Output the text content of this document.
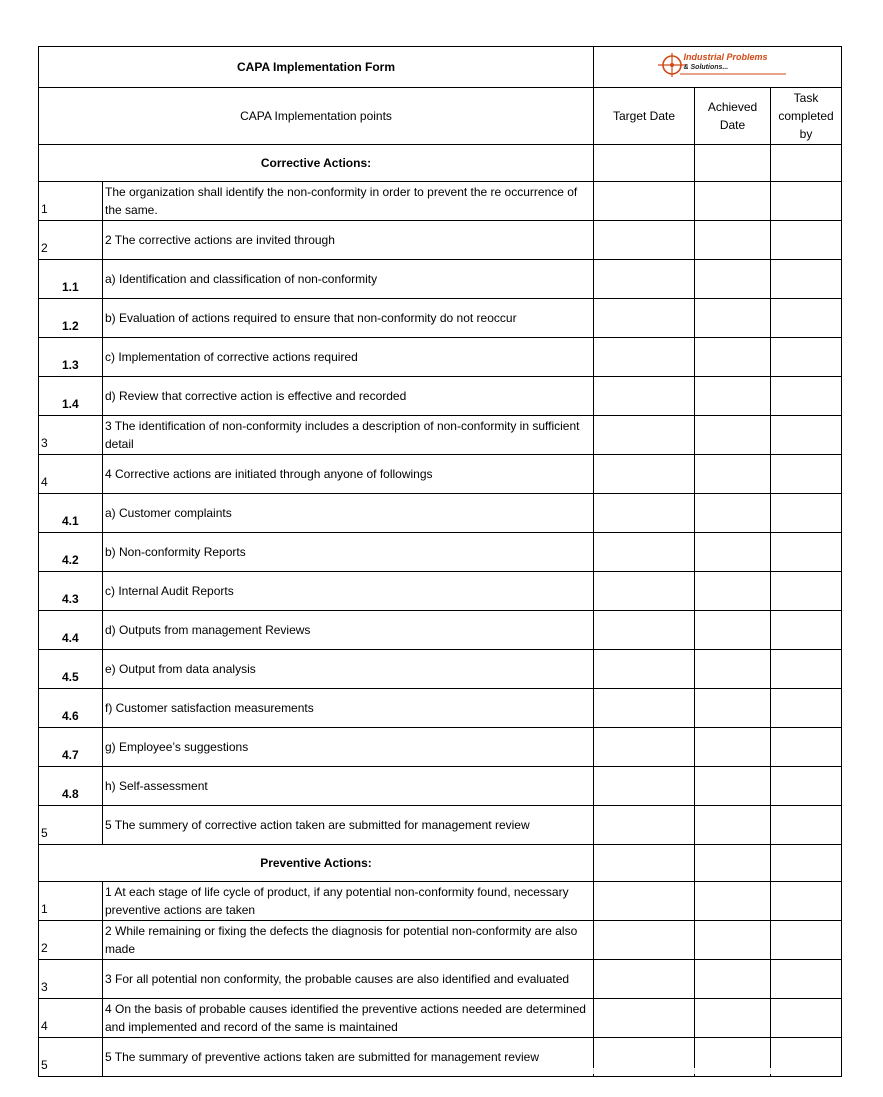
CAPA Implementation Form		Industrial Problems
& Solutions...		

CAPA Implementation points		Target Date	Achieved Date	Task completed by

Corrective Actions:				
1	The organization shall identify the non-conformity in order to prevent the re occurrence of the same.			
2	2 The corrective actions are invited through			
1.1	a) Identification and classification of non-conformity			
1.2	b) Evaluation of actions required to ensure that non-conformity do not reoccur			
1.3	c) Implementation of corrective actions required			
1.4	d) Review that corrective action is effective and recorded			
3	3 The identification of non-conformity includes a description of non-conformity in sufficient detail			
4	4 Corrective actions are initiated through anyone of followings			
4.1	a) Customer complaints			
4.2	b) Non-conformity Reports			
4.3	c) Internal Audit Reports			
4.4	d) Outputs from management Reviews			
4.5	e) Output from data analysis			
4.6	f) Customer satisfaction measurements			
4.7	g) Employee’s suggestions			
4.8	h) Self-assessment			
5	5 The summery of corrective action taken are submitted for management review			
Preventive Actions:				
1	1 At each stage of life cycle of product, if any potential non-conformity found, necessary preventive actions are taken			
2	2 While remaining or fixing the defects the diagnosis for potential non-conformity are also made			
3	3 For all potential non conformity, the probable causes are also identified and evaluated			
4	4 On the basis of probable causes identified the preventive actions needed are determined and implemented and record of the same is maintained			
5	5 The summary of preventive actions taken are submitted for management review			
